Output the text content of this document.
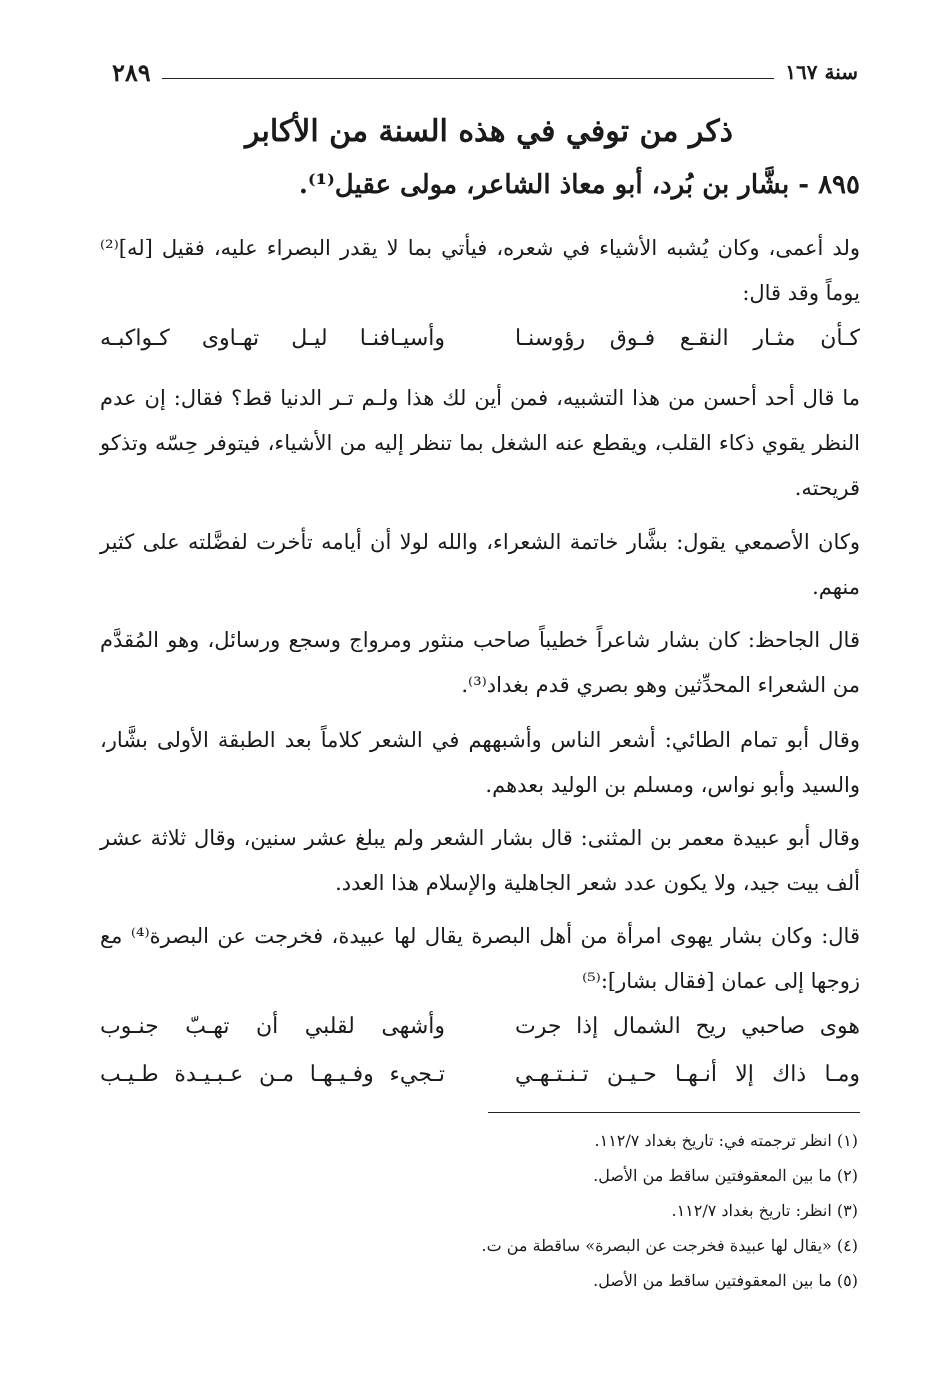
٢٨٩	سنة ١٦٧
ذكر من توفي في هذه السنة من الأكابر
٨٩٥ - بشَّار بن بُرد، أبو معاذ الشاعر، مولى عقيل⁽¹⁾.
ولد أعمى، وكان يُشبه الأشياء في شعره، فيأتي بما لا يقدر البصراء عليه، فقيل [له]⁽²⁾ يوماً وقد قال:
كـأن مثـار النقـع فـوق رؤوسنـا
وأسيـافنـا ليـل تهـاوى كـواكبـه
ما قال أحد أحسن من هذا التشبيه، فمن أين لك هذا ولـم تـر الدنيا قط؟ فقال: إن عدم النظر يقوي ذكاء القلب، ويقطع عنه الشغل بما تنظر إليه من الأشياء، فيتوفر حِسّه وتذكو قريحته.
وكان الأصمعي يقول: بشَّار خاتمة الشعراء، والله لولا أن أيامه تأخرت لفضَّلته على كثير منهم.
قال الجاحظ: كان بشار شاعراً خطيباً صاحب منثور ومرواج وسجع ورسائل، وهو المُقدَّم من الشعراء المحدِّثين وهو بصري قدم بغداد⁽³⁾.
وقال أبو تمام الطائي: أشعر الناس وأشبههم في الشعر كلاماً بعد الطبقة الأولى بشَّار، والسيد وأبو نواس، ومسلم بن الوليد بعدهم.
وقال أبو عبيدة معمر بن المثنى: قال بشار الشعر ولم يبلغ عشر سنين، وقال ثلاثة عشر ألف بيت جيد، ولا يكون عدد شعر الجاهلية والإسلام هذا العدد.
قال: وكان بشار يهوى امرأة من أهل البصرة يقال لها عبيدة، فخرجت عن البصرة⁽⁴⁾ مع زوجها إلى عمان [فقال بشار]:⁽⁵⁾
هوى صاحبي ريح الشمال إذا جرت
وأشهى لقلبي أن تهـبّ جنـوب
ومـا ذاك إلا أنـهـا حـيـن تـنـتـهـي
تـجيء وفـيـهـا مـن عـبـيـدة طـيـب
(١) انظر ترجمته في: تاريخ بغداد ١١٢/٧.
(٢) ما بين المعقوفتين ساقط من الأصل.
(٣) انظر: تاريخ بغداد ١١٢/٧.
(٤) «يقال لها عبيدة فخرجت عن البصرة» ساقطة من ت.
(٥) ما بين المعقوفتين ساقط من الأصل.
